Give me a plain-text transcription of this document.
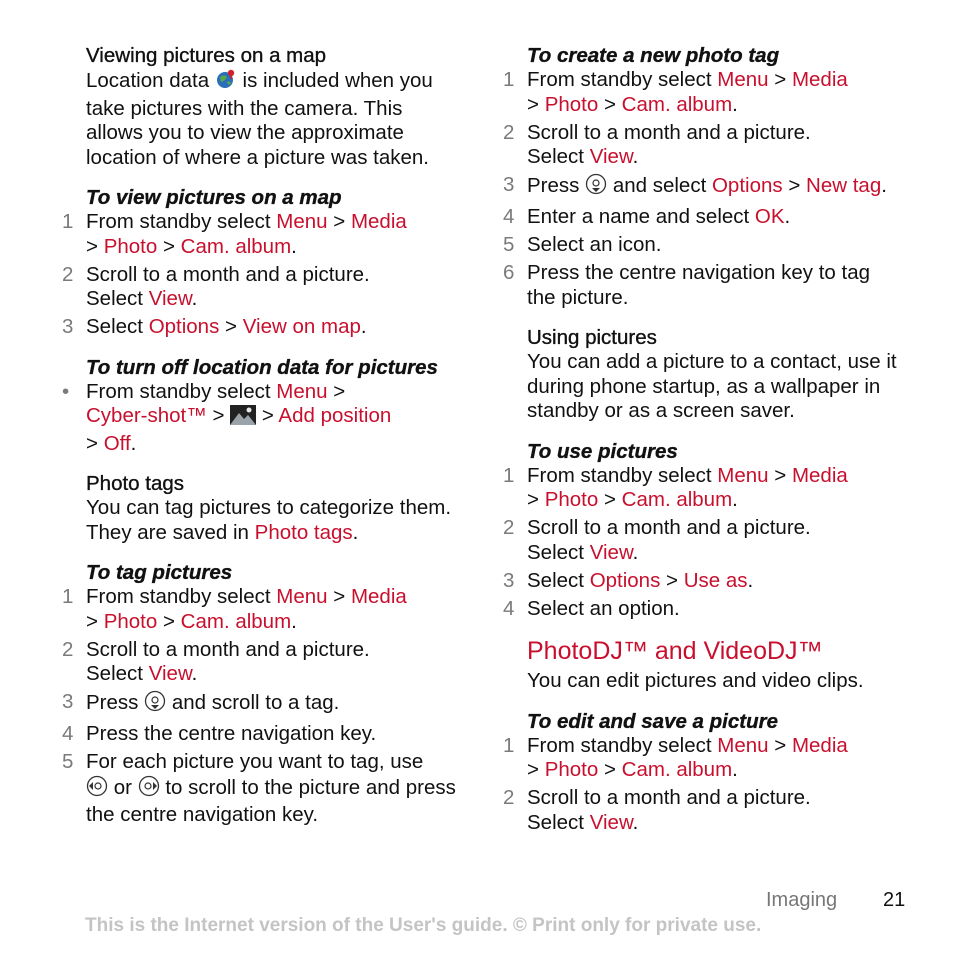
Viewing pictures on a map

Location data is included when you take pictures with the camera. This allows you to view the approximate location of where a picture was taken.

To view pictures on a map
1 From standby select Menu > Media
> Photo > Cam. album.
2 Scroll to a month and a picture.
Select View.
3 Select Options > View on map.
To turn off location data for pictures
• From standby select Menu >
Cyber-shot™ > > Add position
> Off.
Photo tags

You can tag pictures to categorize them. They are saved in Photo tags.

To tag pictures
1 From standby select Menu > Media
> Photo > Cam. album.
2 Scroll to a month and a picture.
Select View.
3 Press and scroll to a tag.
4 Press the centre navigation key.
5 For each picture you want to tag, use
or to scroll to the picture and press the centre navigation key.
To create a new photo tag
1 From standby select Menu > Media
> Photo > Cam. album.
2 Scroll to a month and a picture.
Select View.
3 Press and select Options > New tag.
4 Enter a name and select OK.
5 Select an icon.
6 Press the centre navigation key to tag the picture.
Using pictures

You can add a picture to a contact, use it during phone startup, as a wallpaper in standby or as a screen saver.

To use pictures
1 From standby select Menu > Media
> Photo > Cam. album.
2 Scroll to a month and a picture.
Select View.
3 Select Options > Use as.
4 Select an option.
PhotoDJ™ and VideoDJ™

You can edit pictures and video clips.

To edit and save a picture
1 From standby select Menu > Media
> Photo > Cam. album.
2 Scroll to a month and a picture.
Select View.
Imaging 21
This is the Internet version of the User's guide. © Print only for private use.
